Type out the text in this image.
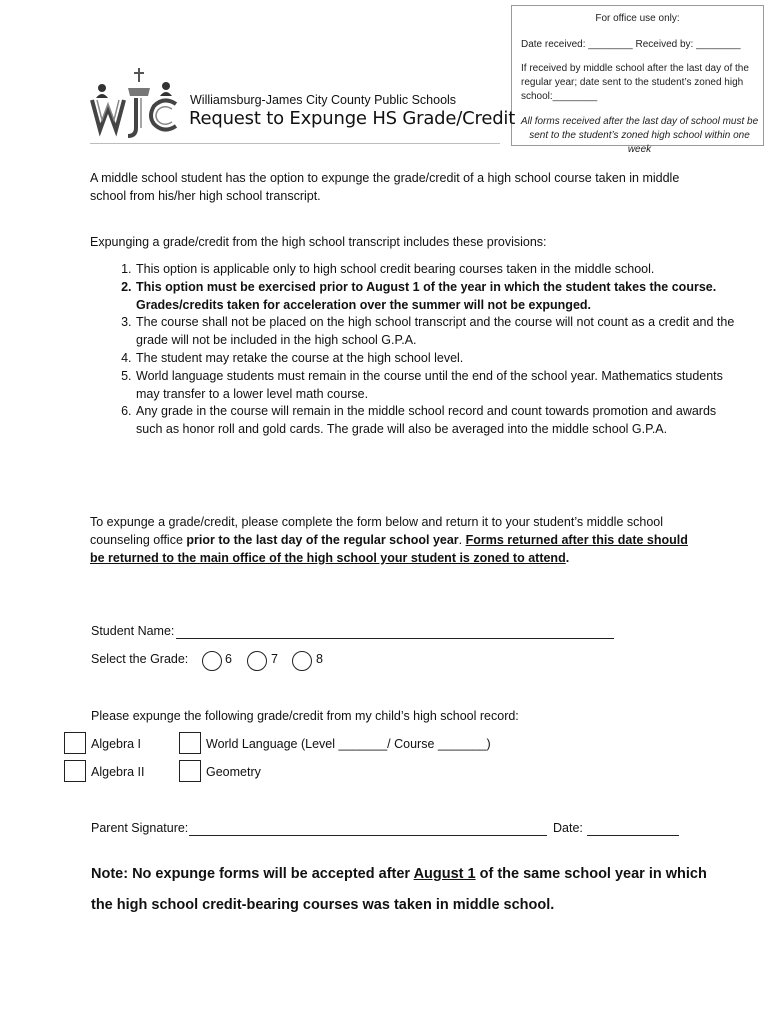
For office use only:
Date received: ________ Received by: ________
If received by middle school after the last day of the regular year; date sent to the student’s zoned high school:________
All forms received after the last day of school must be sent to the student’s zoned high school within one week
Williamsburg-James City County Public Schools
Request to Expunge HS Grade/Credit
A middle school student has the option to expunge the grade/credit of a high school course taken in middle school from his/her high school transcript.
Expunging a grade/credit from the high school transcript includes these provisions:
1. This option is applicable only to high school credit bearing courses taken in the middle school.
2. This option must be exercised prior to August 1 of the year in which the student takes the course. Grades/credits taken for acceleration over the summer will not be expunged.
3. The course shall not be placed on the high school transcript and the course will not count as a credit and the grade will not be included in the high school G.P.A.
4. The student may retake the course at the high school level.
5. World language students must remain in the course until the end of the school year. Mathematics students may transfer to a lower level math course.
6. Any grade in the course will remain in the middle school record and count towards promotion and awards such as honor roll and gold cards. The grade will also be averaged into the middle school G.P.A.
To expunge a grade/credit, please complete the form below and return it to your student’s middle school counseling office prior to the last day of the regular school year. Forms returned after this date should be returned to the main office of the high school your student is zoned to attend.
Student Name:
Select the Grade:	6	7	8
Please expunge the following grade/credit from my child’s high school record:
Algebra I	World Language (Level _______/ Course _______)
Algebra II	Geometry
Parent Signature:	Date:
Note: No expunge forms will be accepted after August 1 of the same school year in which
the high school credit-bearing courses was taken in middle school.
